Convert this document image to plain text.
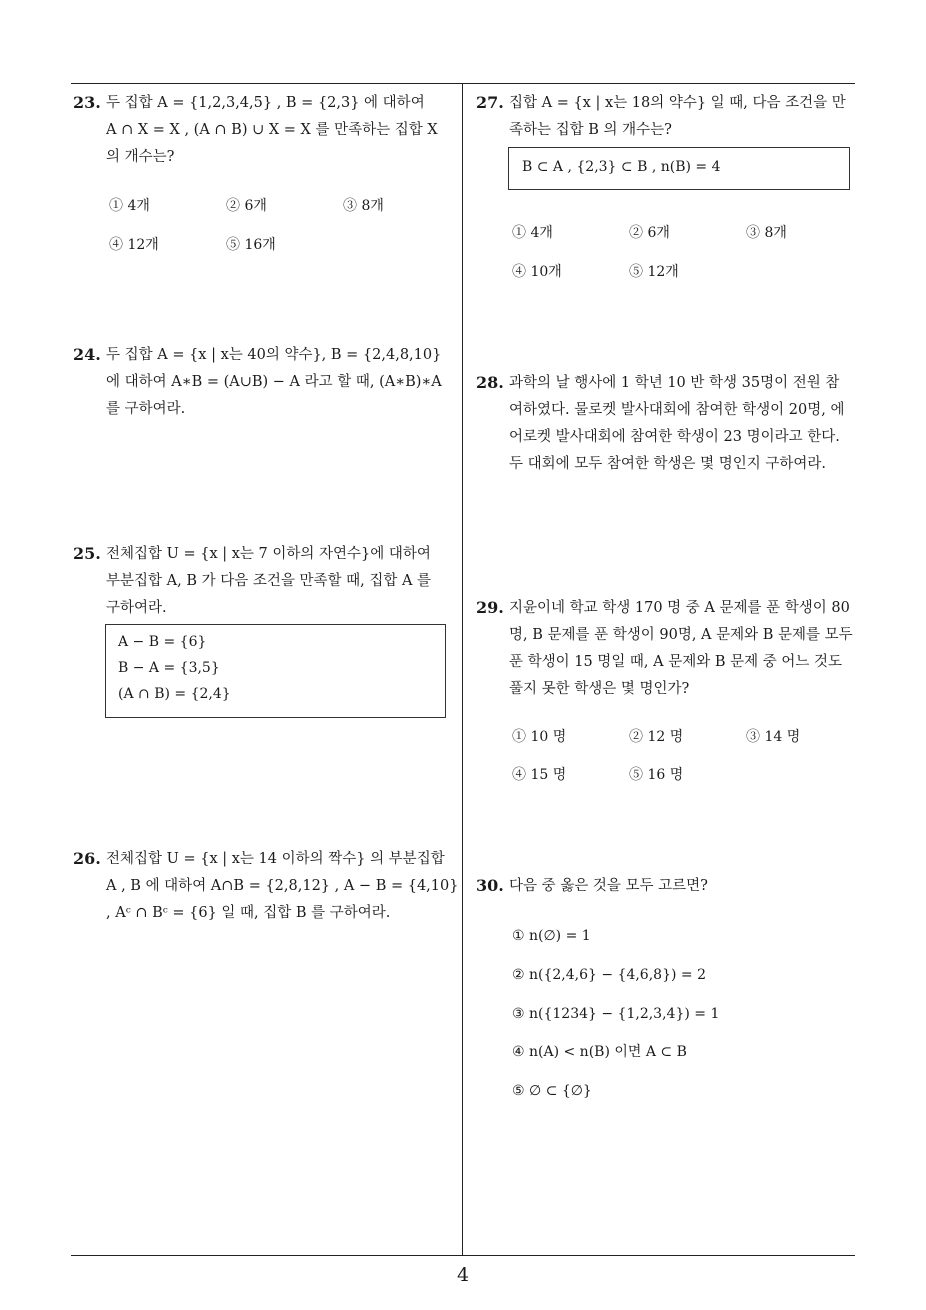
23. 두 집합 A = {1,2,3,4,5} , B = {2,3} 에 대하여
A ∩ X = X , (A ∩ B) ∪ X = X 를 만족하는 집합 X
의 개수는?
① 4개	② 6개	③ 8개
④ 12개	⑤ 16개
24. 두 집합 A = {x | x는 40의 약수}, B = {2,4,8,10}
에 대하여 A∗B = (A∪B) − A 라고 할 때, (A∗B)∗A
를 구하여라.
25. 전체집합 U = {x | x는 7 이하의 자연수}에 대하여
부분집합 A, B 가 다음 조건을 만족할 때, 집합 A 를
구하여라.
A − B = {6}
B − A = {3,5}
(A ∩ B) = {2,4}
26. 전체집합 U = {x | x는 14 이하의 짝수} 의 부분집합
A , B 에 대하여 A∩B = {2,8,12} , A − B = {4,10}
, Aᶜ ∩ Bᶜ = {6} 일 때, 집합 B 를 구하여라.
27. 집합 A = {x | x는 18의 약수} 일 때, 다음 조건을 만
족하는 집합 B 의 개수는?
B ⊂ A , {2,3} ⊂ B , n(B) = 4
① 4개	② 6개	③ 8개
④ 10개	⑤ 12개
28. 과학의 날 행사에 1 학년 10 반 학생 35명이 전원 참
여하였다. 물로켓 발사대회에 참여한 학생이 20명, 에
어로켓 발사대회에 참여한 학생이 23 명이라고 한다.
두 대회에 모두 참여한 학생은 몇 명인지 구하여라.
29. 지윤이네 학교 학생 170 명 중 A 문제를 푼 학생이 80
명, B 문제를 푼 학생이 90명, A 문제와 B 문제를 모두
푼 학생이 15 명일 때, A 문제와 B 문제 중 어느 것도
풀지 못한 학생은 몇 명인가?
① 10 명	② 12 명	③ 14 명
④ 15 명	⑤ 16 명
30. 다음 중 옳은 것을 모두 고르면?
① n(∅) = 1
② n({2,4,6} − {4,6,8}) = 2
③ n({1234} − {1,2,3,4}) = 1
④ n(A) < n(B) 이면 A ⊂ B
⑤ ∅ ⊂ {∅}
4
